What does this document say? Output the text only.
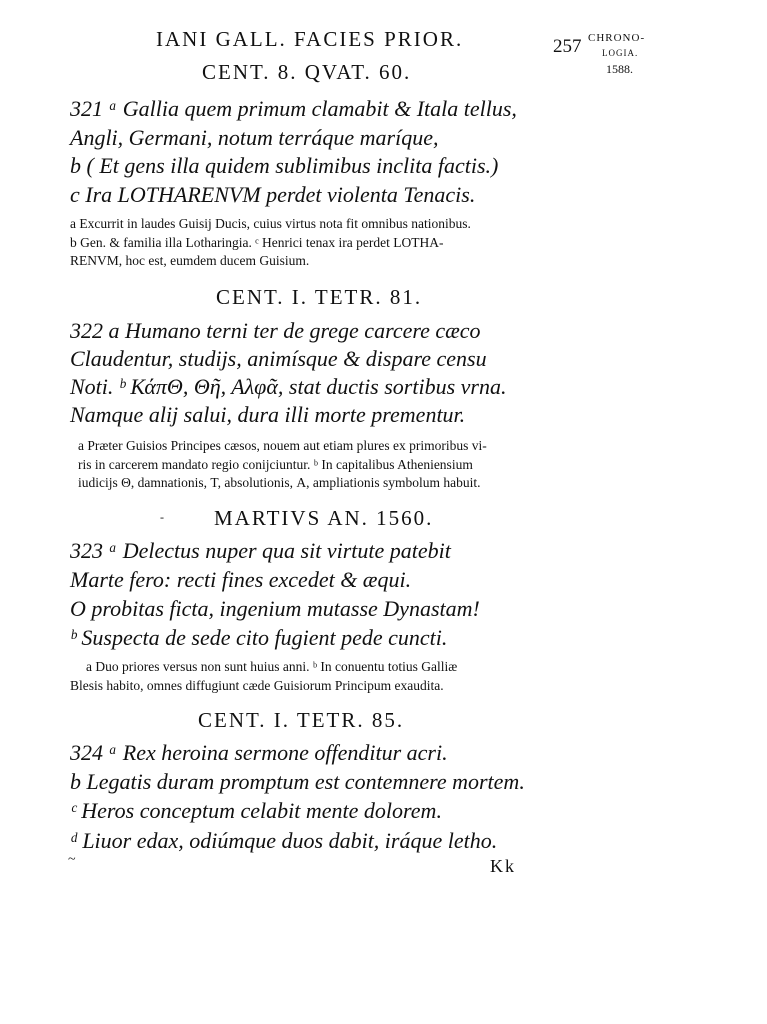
IANI GALL. FACIES PRIOR.	257 CHRONO-
LOGIA.
1588.
CENT. 8. QVAT. 60.
321 ᵃ Gallia quem primum clamabit & Itala tellus,
Angli, Germani, notum terráque maríque,
b ( Et gens illa quidem sublimibus inclita factis.)
c Ira LOTHARENVM perdet violenta Tenacis.
a Excurrit in laudes Guisij Ducis, cuius virtus nota fit omnibus nationibus.
b Gen. & familia illa Lotharingia. ᶜ Henrici tenax ira perdet LOTHA-
RENVM, hoc est, eumdem ducem Guisium.
CENT. I. TETR. 81.
322 a Humano terni ter de grege carcere cæco
Claudentur, studijs, animísque & dispare censu
Noti. ᵇ ΚάπΘ, Θῆ, Αλφᾶ, stat ductis sortibus vrna.
Namque alij salui, dura illi morte prementur.
a Præter Guisios Principes cæsos, nouem aut etiam plures ex primoribus vi-
ris in carcerem mandato regio conijciuntur. ᵇ In capitalibus Atheniensium
iudicijs Θ, damnationis, Τ, absolutionis, Α, ampliationis symbolum habuit.
- MARTIVS AN. 1560.
323 ᵃ Delectus nuper qua sit virtute patebit
Marte fero: recti fines excedet & æqui.
O probitas ficta, ingenium mutasse Dynastam!
ᵇ Suspecta de sede cito fugient pede cuncti.
a Duo priores versus non sunt huius anni. ᵇ In conuentu totius Galliæ
Blesis habito, omnes diffugiunt cæde Guisiorum Principum exaudita.
CENT. I. TETR. 85.
324 ᵃ Rex heroina sermone offenditur acri.
b Legatis duram promptum est contemnere mortem.
ᶜ Heros conceptum celabit mente dolorem.
ᵈ Liuor edax, odiúmque duos dabit, iráque letho.
~	Kk
